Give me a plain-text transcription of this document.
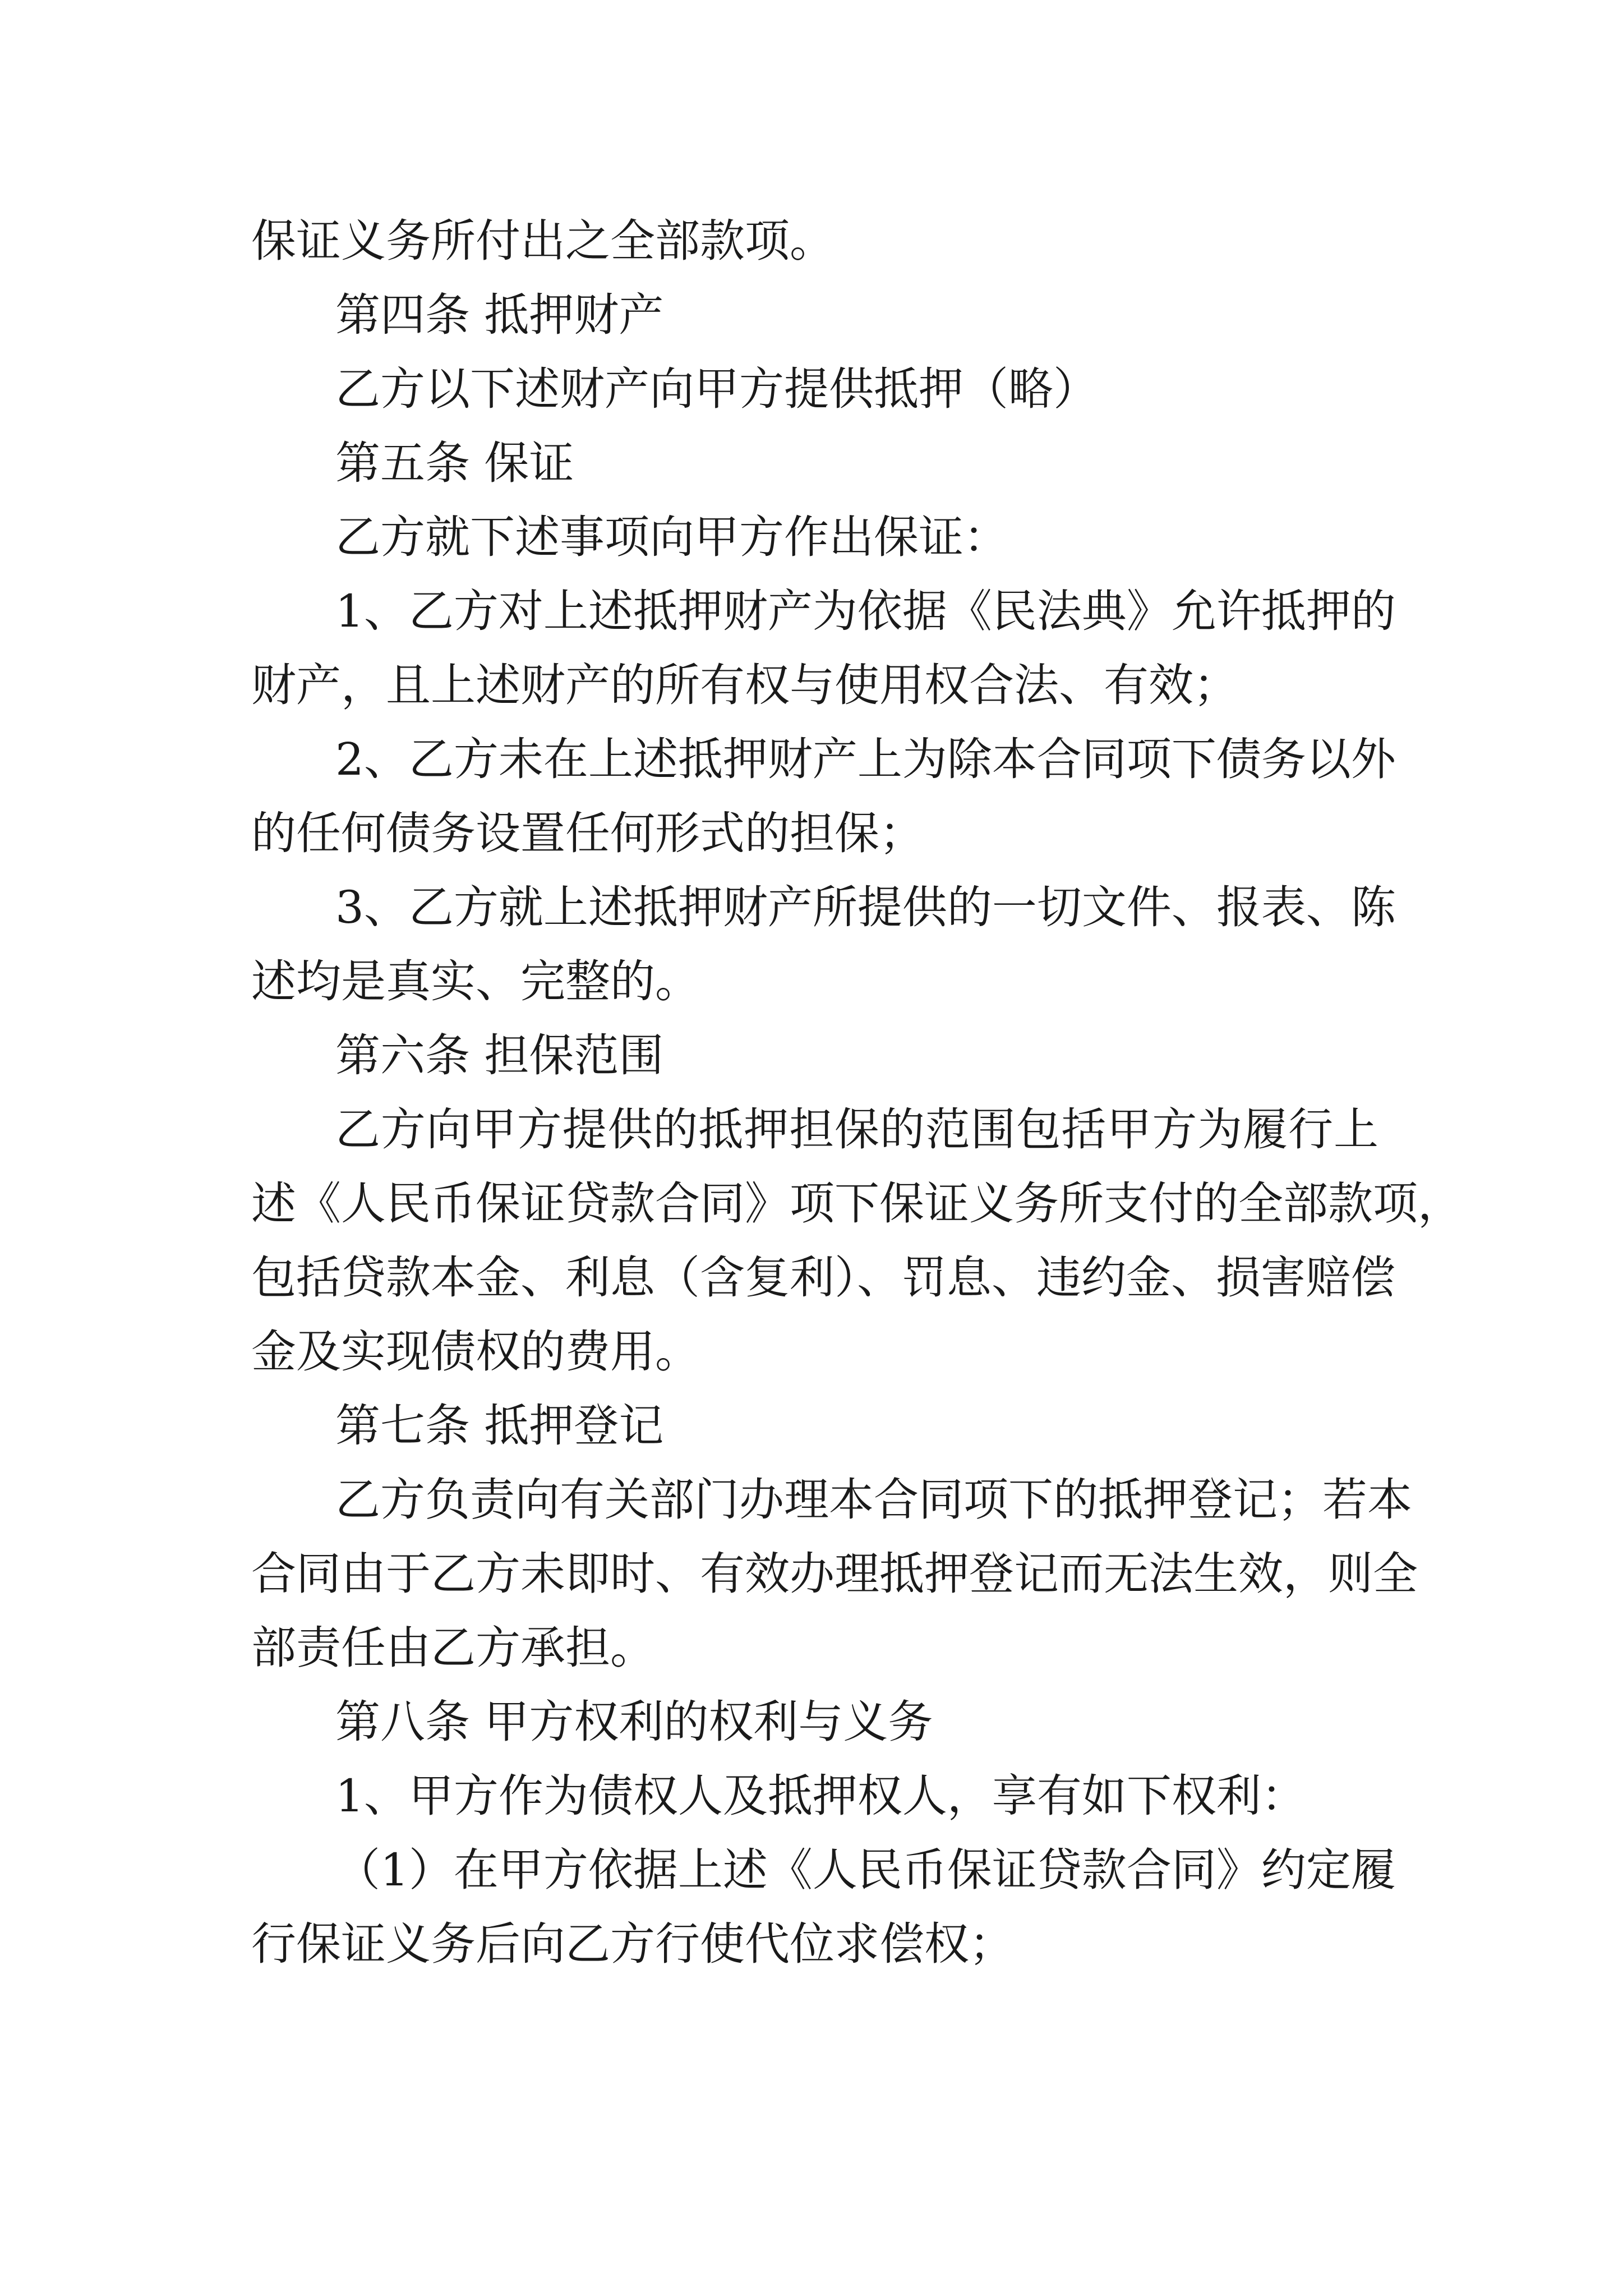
保证义务所付出之全部款项。
第四条 抵押财产
乙方以下述财产向甲方提供抵押（略）
第五条 保证
乙方就下述事项向甲方作出保证：
1、乙方对上述抵押财产为依据《民法典》允许抵押的
财产，且上述财产的所有权与使用权合法、有效；
2、乙方未在上述抵押财产上为除本合同项下债务以外
的任何债务设置任何形式的担保；
3、乙方就上述抵押财产所提供的一切文件、报表、陈
述均是真实、完整的。
第六条 担保范围
乙方向甲方提供的抵押担保的范围包括甲方为履行上
述《人民币保证贷款合同》项下保证义务所支付的全部款项，
包括贷款本金、利息（含复利）、罚息、违约金、损害赔偿
金及实现债权的费用。
第七条 抵押登记
乙方负责向有关部门办理本合同项下的抵押登记；若本
合同由于乙方未即时、有效办理抵押登记而无法生效，则全
部责任由乙方承担。
第八条 甲方权利的权利与义务
1、甲方作为债权人及抵押权人，享有如下权利：
（1）在甲方依据上述《人民币保证贷款合同》约定履
行保证义务后向乙方行使代位求偿权；
